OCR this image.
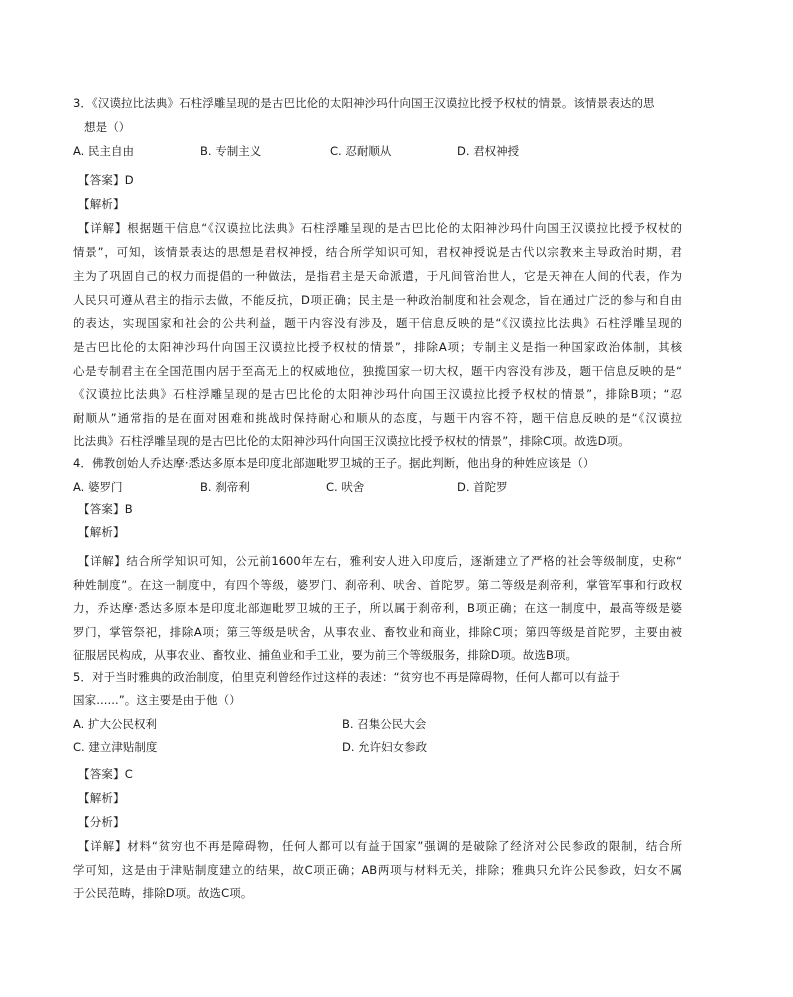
3．《汉谟拉比法典》石柱浮雕呈现的是古巴比伦的太阳神沙玛什向国王汉谟拉比授予权杖的情景。该情景表达的思
想是（）
A. 民主自由	B. 专制主义	C. 忍耐顺从	D. 君权神授
【答案】D
【解析】
【详解】根据题干信息“《汉谟拉比法典》石柱浮雕呈现的是古巴比伦的太阳神沙玛什向国王汉谟拉比授予权杖的
情景”，可知，该情景表达的思想是君权神授，结合所学知识可知，君权神授说是古代以宗教来主导政治时期，君
主为了巩固自己的权力而提倡的一种做法，是指君主是天命派遣，于凡间管治世人，它是天神在人间的代表，作为
人民只可遵从君主的指示去做，不能反抗，D项正确；民主是一种政治制度和社会观念，旨在通过广泛的参与和自由
的表达，实现国家和社会的公共利益，题干内容没有涉及，题干信息反映的是“《汉谟拉比法典》石柱浮雕呈现的
是古巴比伦的太阳神沙玛什向国王汉谟拉比授予权杖的情景”，排除A项；专制主义是指一种国家政治体制，其核
心是专制君主在全国范围内居于至高无上的权威地位，独揽国家一切大权，题干内容没有涉及，题干信息反映的是“
《汉谟拉比法典》石柱浮雕呈现的是古巴比伦的太阳神沙玛什向国王汉谟拉比授予权杖的情景”，排除B项；“忍
耐顺从”通常指的是在面对困难和挑战时保持耐心和顺从的态度，与题干内容不符，题干信息反映的是“《汉谟拉
比法典》石柱浮雕呈现的是古巴比伦的太阳神沙玛什向国王汉谟拉比授予权杖的情景”，排除C项。故选D项。
4．佛教创始人乔达摩·悉达多原本是印度北部迦毗罗卫城的王子。据此判断，他出身的种姓应该是（）
A. 婆罗门	B. 刹帝利	C. 吠舍	D. 首陀罗
【答案】B
【解析】
【详解】结合所学知识可知，公元前1600年左右，雅利安人进入印度后，逐渐建立了严格的社会等级制度，史称“
种姓制度”。在这一制度中，有四个等级，婆罗门、刹帝利、吠舍、首陀罗。第二等级是刹帝利，掌管军事和行政权
力，乔达摩·悉达多原本是印度北部迦毗罗卫城的王子，所以属于刹帝利，B项正确；在这一制度中，最高等级是婆
罗门，掌管祭祀，排除A项；第三等级是吠舍，从事农业、畜牧业和商业，排除C项；第四等级是首陀罗，主要由被
征服居民构成，从事农业、畜牧业、捕鱼业和手工业，要为前三个等级服务，排除D项。故选B项。
5．对于当时雅典的政治制度，伯里克利曾经作过这样的表述：“贫穷也不再是障碍物，任何人都可以有益于
国家......”。这主要是由于他（）
A. 扩大公民权利	B. 召集公民大会
C. 建立津贴制度	D. 允许妇女参政
【答案】C
【解析】
【分析】
【详解】材料“贫穷也不再是障碍物，任何人都可以有益于国家”强调的是破除了经济对公民参政的限制，结合所
学可知，这是由于津贴制度建立的结果，故C项正确；AB两项与材料无关，排除；雅典只允许公民参政，妇女不属
于公民范畴，排除D项。故选C项。
